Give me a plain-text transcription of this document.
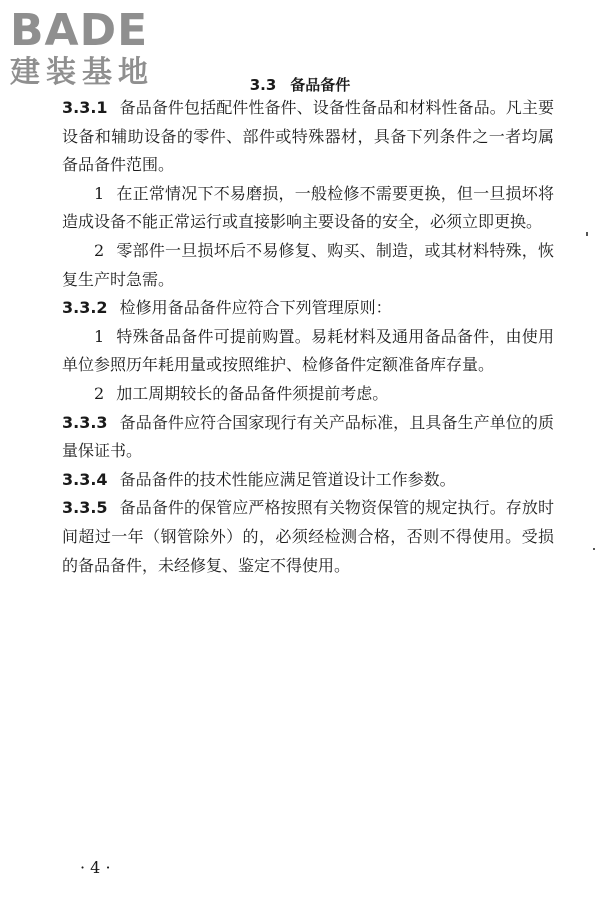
BADE
建装基地	3.3 备品备件

3.3.1 备品备件包括配件性备件、设备性备品和材料性备品。凡主要设备和辅助设备的零件、部件或特殊器材，具备下列条件之一者均属备品备件范围。

1 在正常情况下不易磨损，一般检修不需要更换，但一旦损坏将造成设备不能正常运行或直接影响主要设备的安全，必须立即更换。

2 零部件一旦损坏后不易修复、购买、制造，或其材料特殊，恢复生产时急需。

3.3.2 检修用备品备件应符合下列管理原则：

1 特殊备品备件可提前购置。易耗材料及通用备品备件，由使用单位参照历年耗用量或按照维护、检修备件定额准备库存量。

2 加工周期较长的备品备件须提前考虑。

3.3.3 备品备件应符合国家现行有关产品标准，且具备生产单位的质量保证书。

3.3.4 备品备件的技术性能应满足管道设计工作参数。

3.3.5 备品备件的保管应严格按照有关物资保管的规定执行。存放时间超过一年（钢管除外）的，必须经检测合格，否则不得使用。受损的备品备件，未经修复、鉴定不得使用。

· 4 ·
